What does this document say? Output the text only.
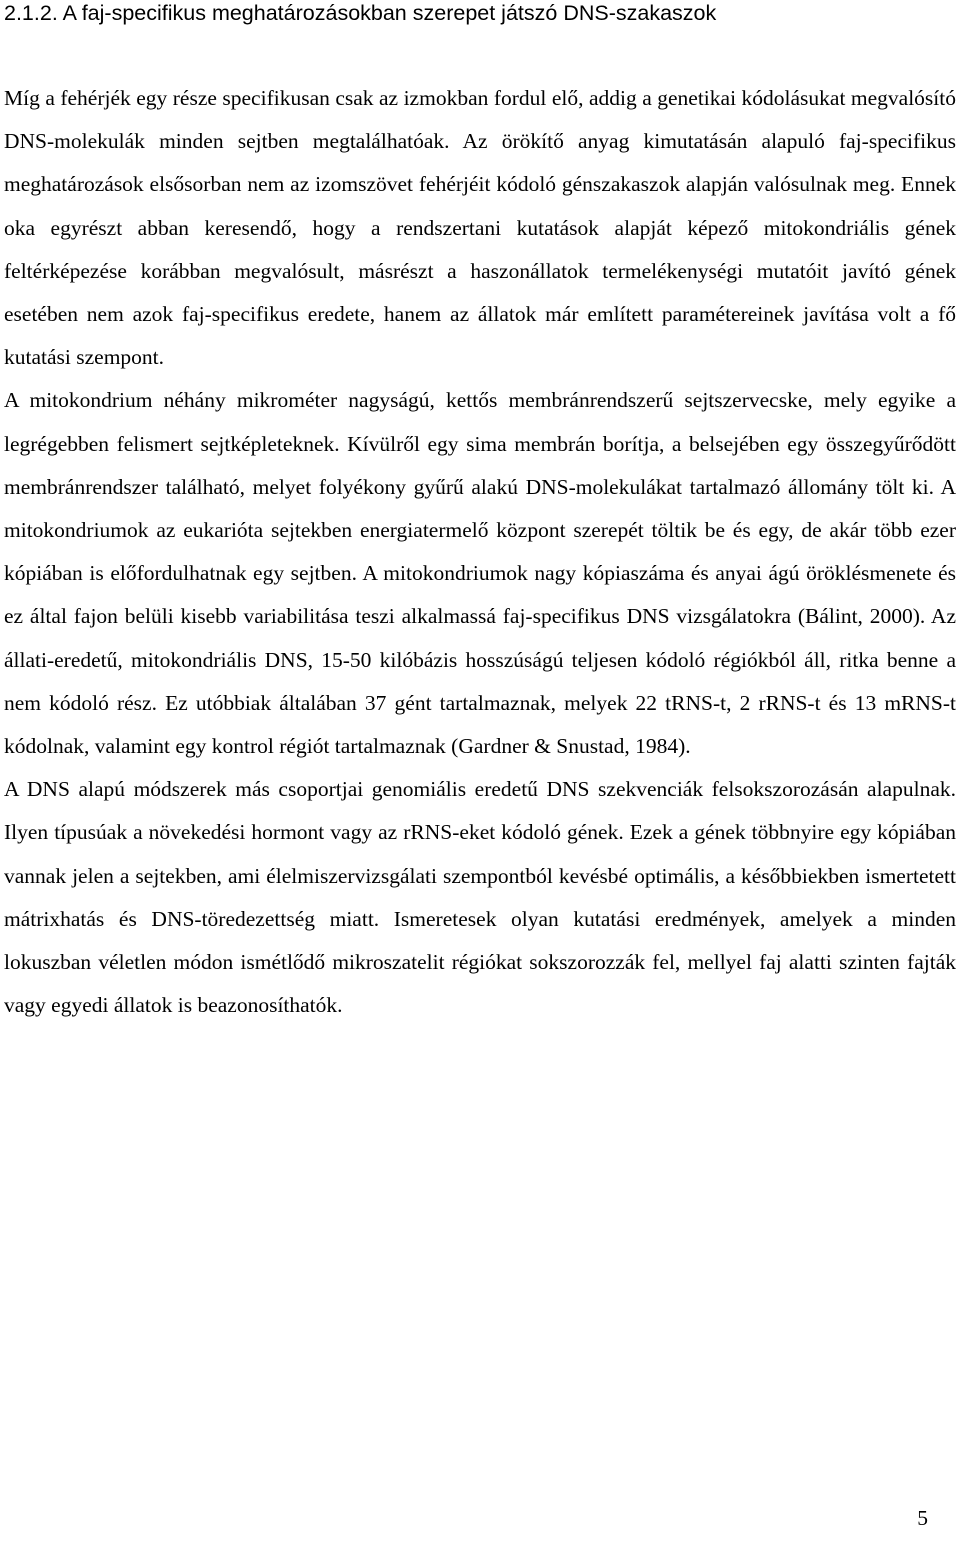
2.1.2. A faj-specifikus meghatározásokban szerepet játszó DNS-szakaszok

Míg a fehérjék egy része specifikusan csak az izmokban fordul elő, addig a genetikai kódolásukat megvalósító DNS-molekulák minden sejtben megtalálhatóak. Az örökítő anyag kimutatásán alapuló faj-specifikus meghatározások elsősorban nem az izomszövet fehérjéit kódoló génszakaszok alapján valósulnak meg. Ennek oka egyrészt abban keresendő, hogy a rendszertani kutatások alapját képező mitokondriális gének feltérképezése korábban megvalósult, másrészt a haszonállatok termelékenységi mutatóit javító gének esetében nem azok faj-specifikus eredete, hanem az állatok már említett paramétereinek javítása volt a fő kutatási szempont.

A mitokondrium néhány mikrométer nagyságú, kettős membránrendszerű sejtszervecske, mely egyike a legrégebben felismert sejtképleteknek. Kívülről egy sima membrán borítja, a belsejében egy összegyűrődött membránrendszer található, melyet folyékony gyűrű alakú DNS-molekulákat tartalmazó állomány tölt ki. A mitokondriumok az eukarióta sejtekben energiatermelő központ szerepét töltik be és egy, de akár több ezer kópiában is előfordulhatnak egy sejtben. A mitokondriumok nagy kópiaszáma és anyai ágú öröklésmenete és ez által fajon belüli kisebb variabilitása teszi alkalmassá faj-specifikus DNS vizsgálatokra (Bálint, 2000). Az állati-eredetű, mitokondriális DNS, 15-50 kilóbázis hosszúságú teljesen kódoló régiókból áll, ritka benne a nem kódoló rész. Ez utóbbiak általában 37 gént tartalmaznak, melyek 22 tRNS-t, 2 rRNS-t és 13 mRNS-t kódolnak, valamint egy kontrol régiót tartalmaznak (Gardner & Snustad, 1984).

A DNS alapú módszerek más csoportjai genomiális eredetű DNS szekvenciák felsokszorozásán alapulnak. Ilyen típusúak a növekedési hormont vagy az rRNS-eket kódoló gének. Ezek a gének többnyire egy kópiában vannak jelen a sejtekben, ami élelmiszervizsgálati szempontból kevésbé optimális, a későbbiekben ismertetett mátrixhatás és DNS-töredezettség miatt. Ismeretesek olyan kutatási eredmények, amelyek a minden lokuszban véletlen módon ismétlődő mikroszatelit régiókat sokszorozzák fel, mellyel faj alatti szinten fajták vagy egyedi állatok is beazonosíthatók.

5
